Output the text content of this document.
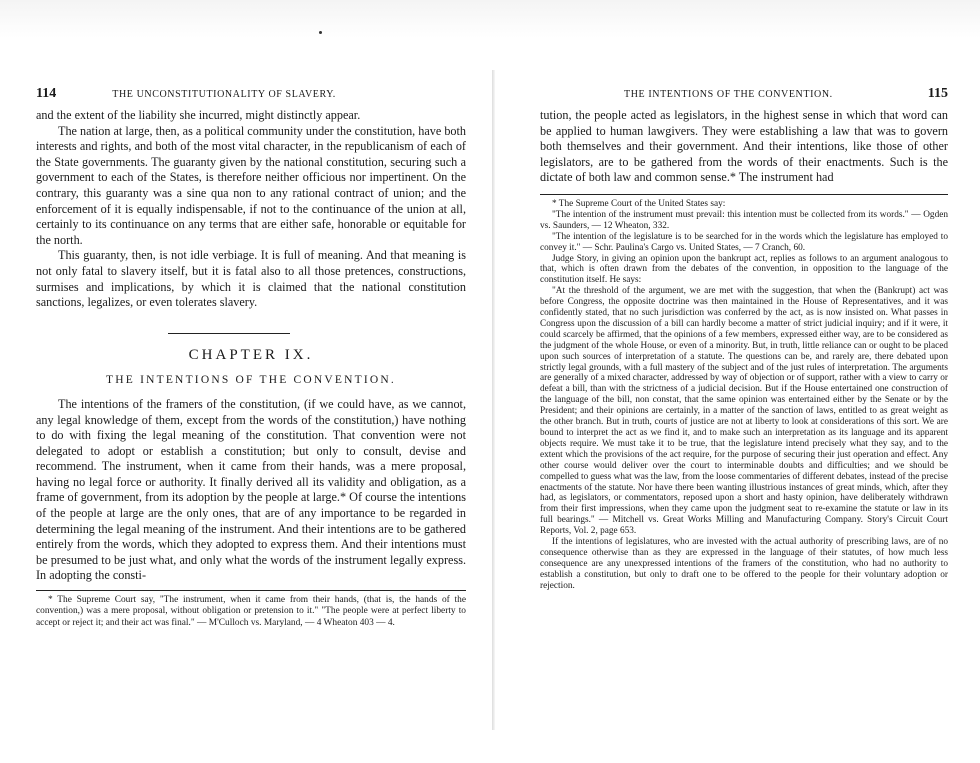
114	THE UNCONSTITUTIONALITY OF SLAVERY.

and the extent of the liability she incurred, might distinctly appear.

The nation at large, then, as a political community under the constitution, have both interests and rights, and both of the most vital character, in the republicanism of each of the State governments. The guaranty given by the national constitution, securing such a government to each of the States, is therefore neither officious nor impertinent. On the contrary, this guaranty was a sine qua non to any rational contract of union; and the enforcement of it is equally indispensable, if not to the continuance of the union at all, certainly to its continuance on any terms that are either safe, honorable or equitable for the north.

This guaranty, then, is not idle verbiage. It is full of meaning. And that meaning is not only fatal to slavery itself, but it is fatal also to all those pretences, constructions, surmises and implications, by which it is claimed that the national constitution sanctions, legalizes, or even tolerates slavery.

CHAPTER IX.
THE INTENTIONS OF THE CONVENTION.

The intentions of the framers of the constitution, (if we could have, as we cannot, any legal knowledge of them, except from the words of the constitution,) have nothing to do with fixing the legal meaning of the constitution. That convention were not delegated to adopt or establish a constitution; but only to consult, devise and recommend. The instrument, when it came from their hands, was a mere proposal, having no legal force or authority. It finally derived all its validity and obligation, as a frame of government, from its adoption by the people at large.* Of course the intentions of the people at large are the only ones, that are of any importance to be regarded in determining the legal meaning of the instrument. And their intentions are to be gathered entirely from the words, which they adopted to express them. And their intentions must be presumed to be just what, and only what the words of the instrument legally express. In adopting the consti-

* The Supreme Court say, "The instrument, when it came from their hands, (that is, the hands of the convention,) was a mere proposal, without obligation or pretension to it." "The people were at perfect liberty to accept or reject it; and their act was final." — M'Culloch vs. Maryland, — 4 Wheaton 403 — 4.

THE INTENTIONS OF THE CONVENTION.	115

tution, the people acted as legislators, in the highest sense in which that word can be applied to human lawgivers. They were establishing a law that was to govern both themselves and their government. And their intentions, like those of other legislators, are to be gathered from the words of their enactments. Such is the dictate of both law and common sense.* The instrument had

* The Supreme Court of the United States say:

"The intention of the instrument must prevail: this intention must be collected from its words." — Ogden vs. Saunders, — 12 Wheaton, 332.

"The intention of the legislature is to be searched for in the words which the legislature has employed to convey it." — Schr. Paulina's Cargo vs. United States, — 7 Cranch, 60.

Judge Story, in giving an opinion upon the bankrupt act, replies as follows to an argument analogous to that, which is often drawn from the debates of the convention, in opposition to the language of the constitution itself. He says:

"At the threshold of the argument, we are met with the suggestion, that when the (Bankrupt) act was before Congress, the opposite doctrine was then maintained in the House of Representatives, and it was confidently stated, that no such jurisdiction was conferred by the act, as is now insisted on. What passes in Congress upon the discussion of a bill can hardly become a matter of strict judicial inquiry; and if it were, it could scarcely be affirmed, that the opinions of a few members, expressed either way, are to be considered as the judgment of the whole House, or even of a minority. But, in truth, little reliance can or ought to be placed upon such sources of interpretation of a statute. The questions can be, and rarely are, there debated upon strictly legal grounds, with a full mastery of the subject and of the just rules of interpretation. The arguments are generally of a mixed character, addressed by way of objection or of support, rather with a view to carry or defeat a bill, than with the strictness of a judicial decision. But if the House entertained one construction of the language of the bill, non constat, that the same opinion was entertained either by the Senate or by the President; and their opinions are certainly, in a matter of the sanction of laws, entitled to as great weight as the other branch. But in truth, courts of justice are not at liberty to look at considerations of this sort. We are bound to interpret the act as we find it, and to make such an interpretation as its language and its apparent objects require. We must take it to be true, that the legislature intend precisely what they say, and to the extent which the provisions of the act require, for the purpose of securing their just operation and effect. Any other course would deliver over the court to interminable doubts and difficulties; and we should be compelled to guess what was the law, from the loose commentaries of different debates, instead of the precise enactments of the statute. Nor have there been wanting illustrious instances of great minds, which, after they had, as legislators, or commentators, reposed upon a short and hasty opinion, have deliberately withdrawn from their first impressions, when they came upon the judgment seat to re-examine the statute or law in its full bearings." — Mitchell vs. Great Works Milling and Manufacturing Company. Story's Circuit Court Reports, Vol. 2, page 653.

If the intentions of legislatures, who are invested with the actual authority of prescribing laws, are of no consequence otherwise than as they are expressed in the language of their statutes, of how much less consequence are any unexpressed intentions of the framers of the constitution, who had no authority to establish a constitution, but only to draft one to be offered to the people for their voluntary adoption or rejection.
